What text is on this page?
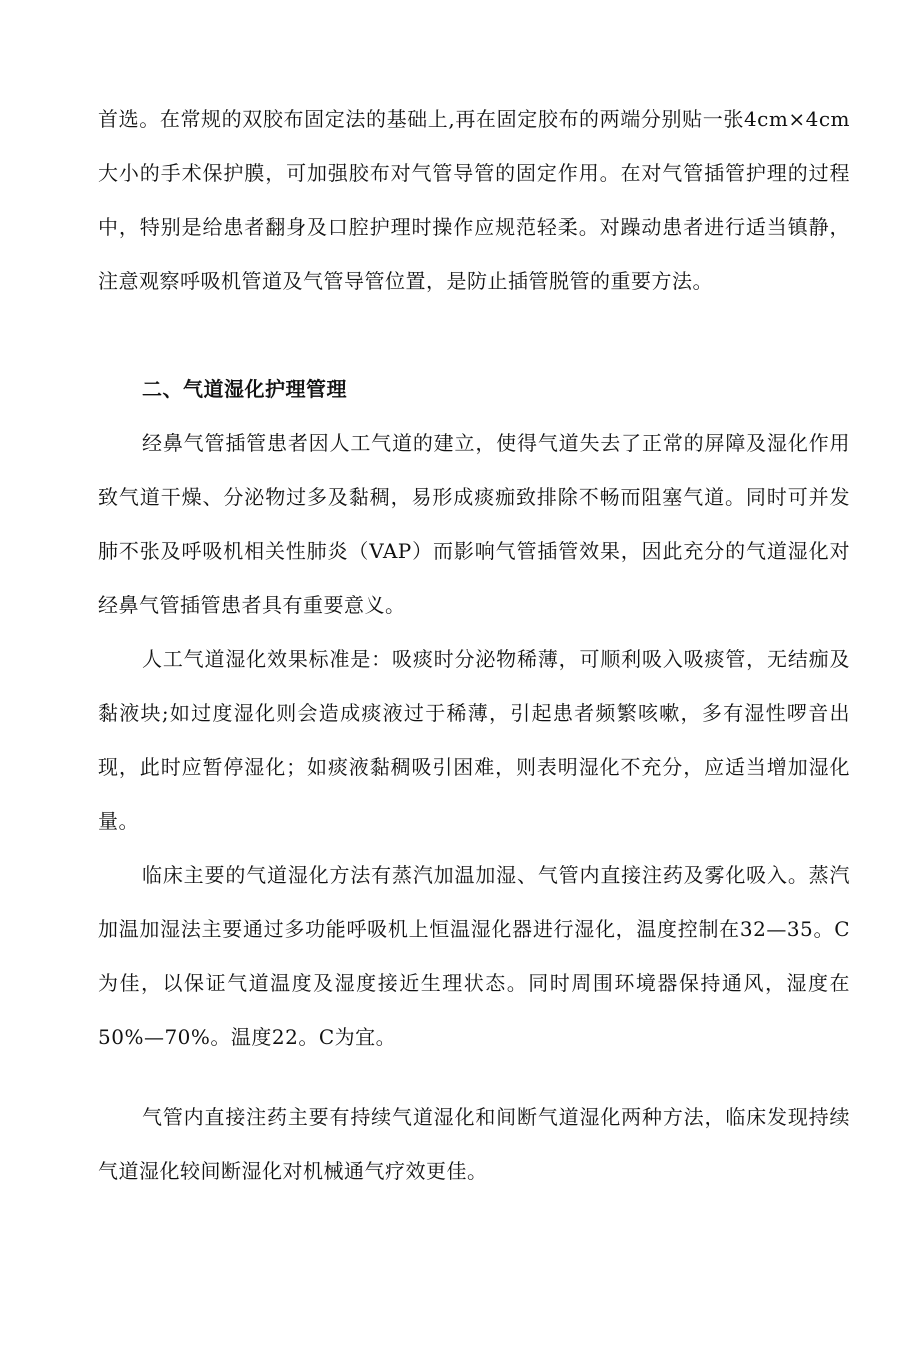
首选。在常规的双胶布固定法的基础上,再在固定胶布的两端分别贴一张4cm×4cm大小的手术保护膜，可加强胶布对气管导管的固定作用。在对气管插管护理的过程中，特别是给患者翻身及口腔护理时操作应规范轻柔。对躁动患者进行适当镇静，注意观察呼吸机管道及气管导管位置，是防止插管脱管的重要方法。

二、气道湿化护理管理

经鼻气管插管患者因人工气道的建立，使得气道失去了正常的屏障及湿化作用致气道干燥、分泌物过多及黏稠，易形成痰痂致排除不畅而阻塞气道。同时可并发肺不张及呼吸机相关性肺炎（VAP）而影响气管插管效果，因此充分的气道湿化对经鼻气管插管患者具有重要意义。

人工气道湿化效果标准是：吸痰时分泌物稀薄，可顺利吸入吸痰管，无结痂及黏液块;如过度湿化则会造成痰液过于稀薄，引起患者频繁咳嗽，多有湿性啰音出现，此时应暂停湿化；如痰液黏稠吸引困难，则表明湿化不充分，应适当增加湿化量。

临床主要的气道湿化方法有蒸汽加温加湿、气管内直接注药及雾化吸入。蒸汽加温加湿法主要通过多功能呼吸机上恒温湿化器进行湿化，温度控制在32—35。C为佳，以保证气道温度及湿度接近生理状态。同时周围环境器保持通风，湿度在50%—70%。温度22。C为宜。

气管内直接注药主要有持续气道湿化和间断气道湿化两种方法，临床发现持续气道湿化较间断湿化对机械通气疗效更佳。
